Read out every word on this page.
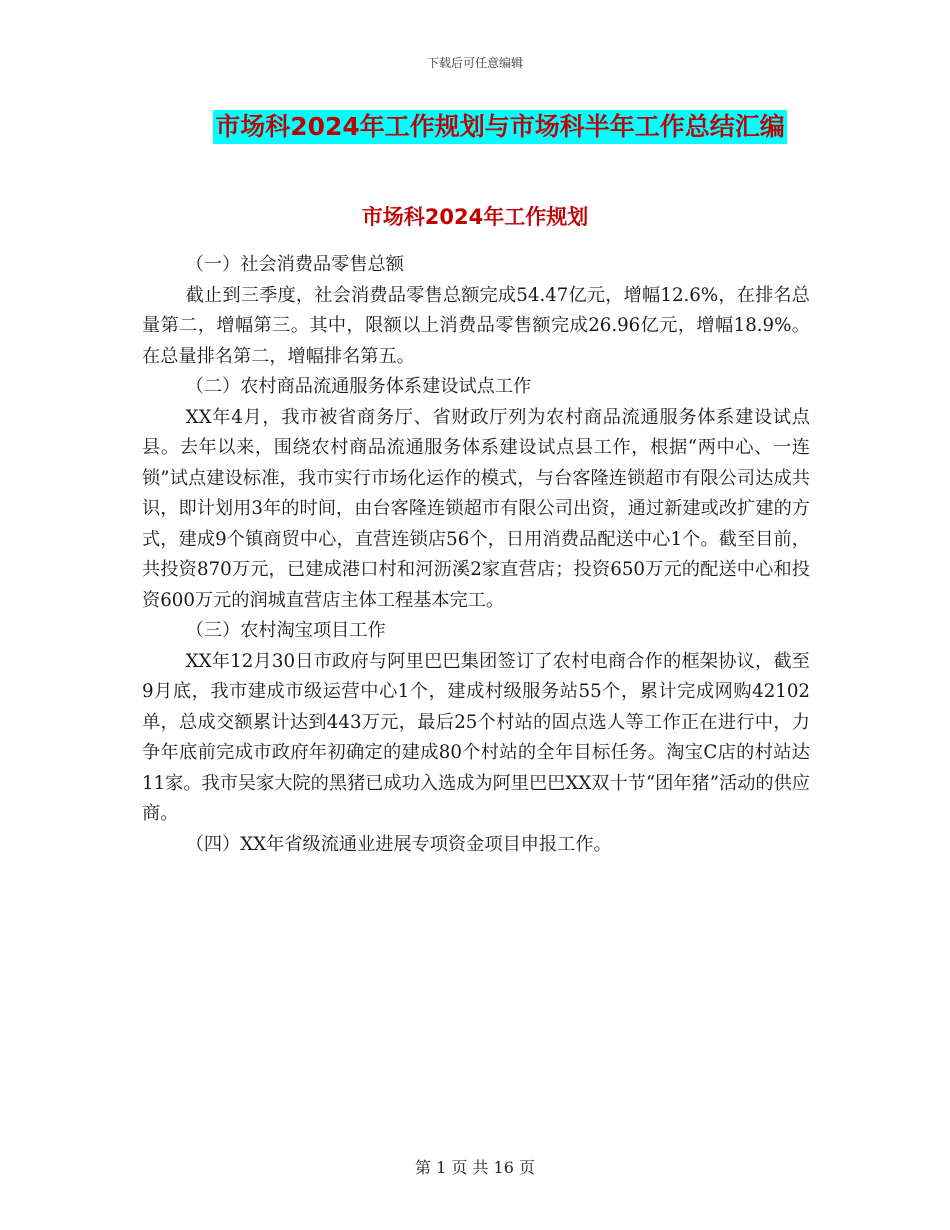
下载后可任意编辑
市场科2024年工作规划与市场科半年工作总结汇编
市场科2024年工作规划

（一）社会消费品零售总额

截止到三季度，社会消费品零售总额完成54.47亿元，增幅12.6%，在排名总量第二，增幅第三。其中，限额以上消费品零售额完成26.96亿元，增幅18.9%。在总量排名第二，增幅排名第五。

（二）农村商品流通服务体系建设试点工作

XX年4月，我市被省商务厅、省财政厅列为农村商品流通服务体系建设试点县。去年以来，围绕农村商品流通服务体系建设试点县工作，根据“两中心、一连锁”试点建设标准，我市实行市场化运作的模式，与台客隆连锁超市有限公司达成共识，即计划用3年的时间，由台客隆连锁超市有限公司出资，通过新建或改扩建的方式，建成9个镇商贸中心，直营连锁店56个，日用消费品配送中心1个。截至目前，共投资870万元，已建成港口村和河沥溪2家直营店；投资650万元的配送中心和投资600万元的润城直营店主体工程基本完工。

（三）农村淘宝项目工作

XX年12月30日市政府与阿里巴巴集团签订了农村电商合作的框架协议，截至9月底，我市建成市级运营中心1个，建成村级服务站55个，累计完成网购42102单，总成交额累计达到443万元，最后25个村站的固点选人等工作正在进行中，力争年底前完成市政府年初确定的建成80个村站的全年目标任务。淘宝C店的村站达11家。我市吴家大院的黑猪已成功入选成为阿里巴巴XX双十节“团年猪”活动的供应商。

（四）XX年省级流通业进展专项资金项目申报工作。

第 1 页 共 16 页
